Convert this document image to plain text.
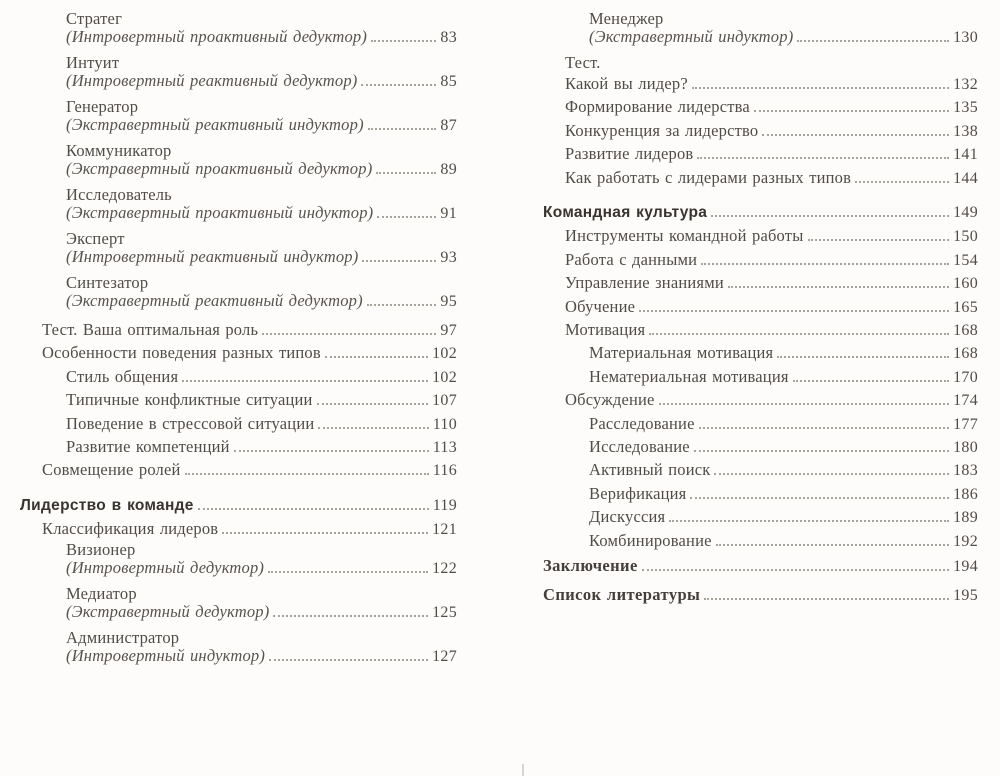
Стратег
(Интровертный проактивный дедуктор)	83
Интуит
(Интровертный реактивный дедуктор)	85
Генератор
(Экстравертный реактивный индуктор)	87
Коммуникатор
(Экстравертный проактивный дедуктор)	89
Исследователь
(Экстравертный проактивный индуктор)	91
Эксперт
(Интровертный реактивный индуктор)	93
Синтезатор
(Экстравертный реактивный дедуктор)	95
Тест. Ваша оптимальная роль	97
Особенности поведения разных типов	102
Стиль общения	102
Типичные конфликтные ситуации	107
Поведение в стрессовой ситуации	110
Развитие компетенций	113
Совмещение ролей	116
Лидерство в команде	119
Классификация лидеров	121
Визионер
(Интровертный дедуктор)	122
Медиатор
(Экстравертный дедуктор)	125
Администратор
(Интровертный индуктор)	127
Менеджер
(Экстравертный индуктор)	130
Тест.
Какой вы лидер?	132
Формирование лидерства	135
Конкуренция за лидерство	138
Развитие лидеров	141
Как работать с лидерами разных типов	144
Командная культура	149
Инструменты командной работы	150
Работа с данными	154
Управление знаниями	160
Обучение	165
Мотивация	168
Материальная мотивация	168
Нематериальная мотивация	170
Обсуждение	174
Расследование	177
Исследование	180
Активный поиск	183
Верификация	186
Дискуссия	189
Комбинирование	192
Заключение	194
Список литературы	195
